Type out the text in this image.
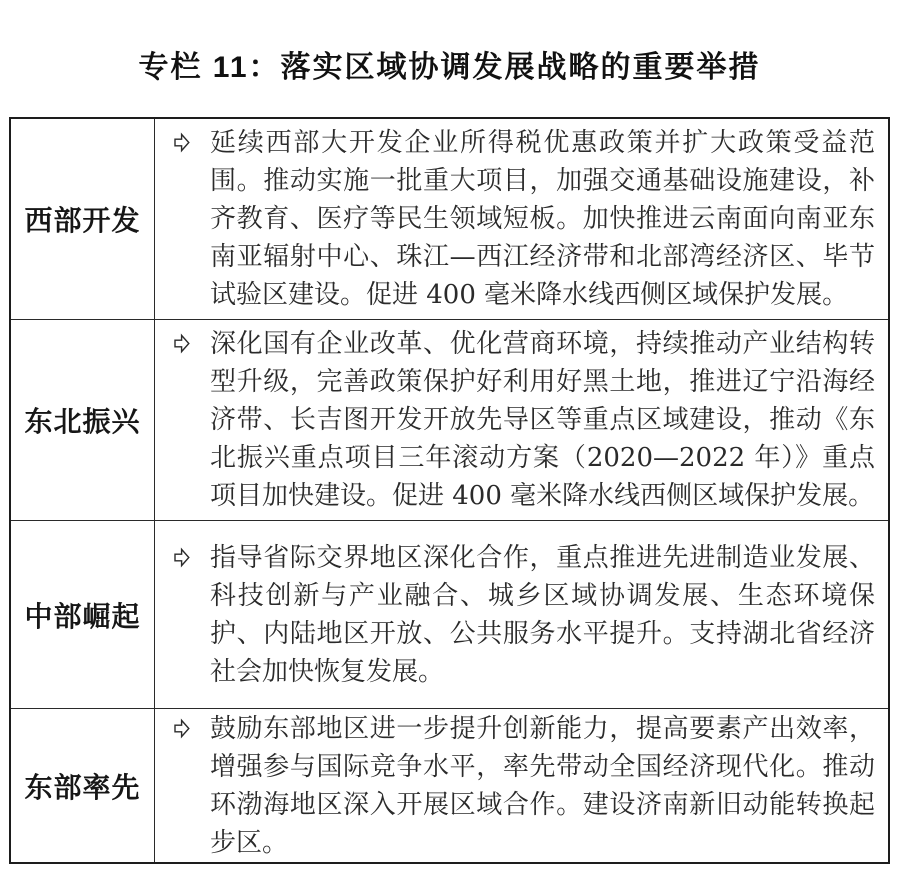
专栏 11：落实区域协调发展战略的重要举措
西部开发

延续西部大开发企业所得税优惠政策并扩大政策受益范围。推动实施一批重大项目，加强交通基础设施建设，补齐教育、医疗等民生领域短板。加快推进云南面向南亚东南亚辐射中心、珠江—西江经济带和北部湾经济区、毕节试验区建设。促进 400 毫米降水线西侧区域保护发展。

东北振兴

深化国有企业改革、优化营商环境，持续推动产业结构转型升级，完善政策保护好利用好黑土地，推进辽宁沿海经济带、长吉图开发开放先导区等重点区域建设，推动《东北振兴重点项目三年滚动方案（2020—2022 年）》重点项目加快建设。促进 400 毫米降水线西侧区域保护发展。

中部崛起

指导省际交界地区深化合作，重点推进先进制造业发展、科技创新与产业融合、城乡区域协调发展、生态环境保护、内陆地区开放、公共服务水平提升。支持湖北省经济社会加快恢复发展。

东部率先

鼓励东部地区进一步提升创新能力，提高要素产出效率，增强参与国际竞争水平，率先带动全国经济现代化。推动环渤海地区深入开展区域合作。建设济南新旧动能转换起步区。
